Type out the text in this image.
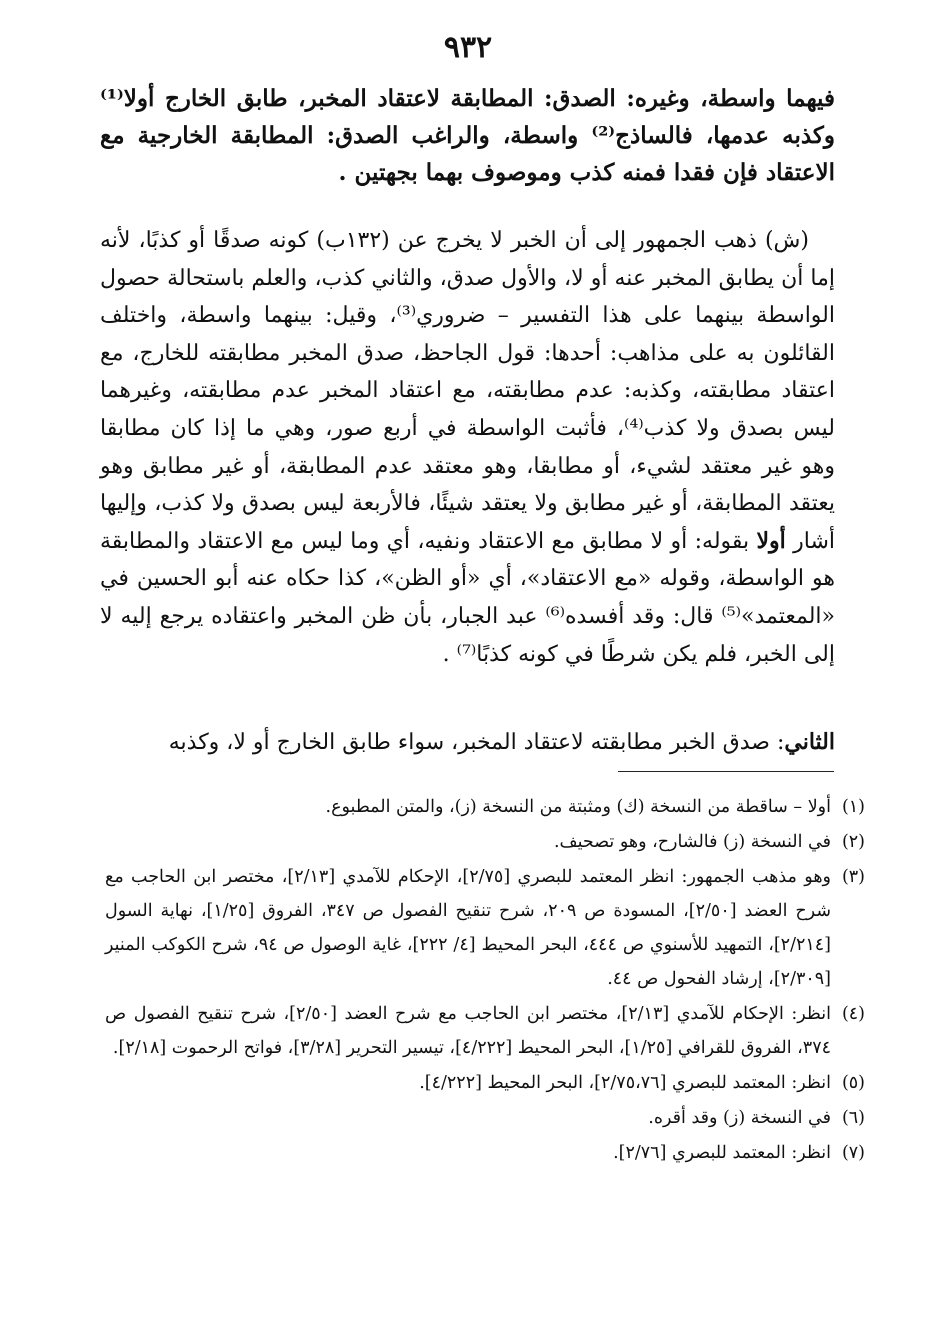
٩٣٢

فيهما واسطة، وغيره: الصدق: المطابقة لاعتقاد المخبر، طابق الخارج أولا⁽¹⁾ وكذبه عدمها، فالساذج⁽²⁾ واسطة، والراغب الصدق: المطابقة الخارجية مع الاعتقاد فإن فقدا فمنه كذب وموصوف بهما بجهتين .

(ش) ذهب الجمهور إلى أن الخبر لا يخرج عن (١٣٢ب) كونه صدقًا أو كذبًا، لأنه إما أن يطابق المخبر عنه أو لا، والأول صدق، والثاني كذب، والعلم باستحالة حصول الواسطة بينهما على هذا التفسير – ضروري⁽³⁾، وقيل: بينهما واسطة، واختلف القائلون به على مذاهب: أحدها: قول الجاحظ، صدق المخبر مطابقته للخارج، مع اعتقاد مطابقته، وكذبه: عدم مطابقته، مع اعتقاد المخبر عدم مطابقته، وغيرهما ليس بصدق ولا كذب⁽⁴⁾، فأثبت الواسطة في أربع صور، وهي ما إذا كان مطابقا وهو غير معتقد لشيء، أو مطابقا، وهو معتقد عدم المطابقة، أو غير مطابق وهو يعتقد المطابقة، أو غير مطابق ولا يعتقد شيئًا، فالأربعة ليس بصدق ولا كذب، وإليها أشار أولا بقوله: أو لا مطابق مع الاعتقاد ونفيه، أي وما ليس مع الاعتقاد والمطابقة هو الواسطة، وقوله «مع الاعتقاد»، أي «أو الظن»، كذا حكاه عنه أبو الحسين في «المعتمد»⁽⁵⁾ قال: وقد أفسده⁽⁶⁾ عبد الجبار، بأن ظن المخبر واعتقاده يرجع إليه لا إلى الخبر، فلم يكن شرطًا في كونه كذبًا⁽⁷⁾ .

الثاني: صدق الخبر مطابقته لاعتقاد المخبر، سواء طابق الخارج أو لا، وكذبه

(١)
أولا – ساقطة من النسخة (ك) ومثبتة من النسخة (ز)، والمتن المطبوع.
(٢)
في النسخة (ز) فالشارح، وهو تصحيف.
(٣)
وهو مذهب الجمهور: انظر المعتمد للبصري [٢/٧٥]، الإحكام للآمدي [٢/١٣]، مختصر ابن الحاجب مع شرح العضد [٢/٥٠]، المسودة ص ٢٠٩، شرح تنقيح الفصول ص ٣٤٧، الفروق [١/٢٥]، نهاية السول [٢/٢١٤]، التمهيد للأسنوي ص ٤٤٤، البحر المحيط [٤/ ٢٢٢]، غاية الوصول ص ٩٤، شرح الكوكب المنير [٢/٣٠٩]، إرشاد الفحول ص ٤٤.
(٤)
انظر: الإحكام للآمدي [٢/١٣]، مختصر ابن الحاجب مع شرح العضد [٢/٥٠]، شرح تنقيح الفصول ص ٣٧٤، الفروق للقرافي [١/٢٥]، البحر المحيط [٤/٢٢٢]، تيسير التحرير [٣/٢٨]، فواتح الرحموت [٢/١٨].
(٥)
انظر: المعتمد للبصري [٢/٧٥،٧٦]، البحر المحيط [٤/٢٢٢].
(٦)
في النسخة (ز) وقد أقره.
(٧)
انظر: المعتمد للبصري [٢/٧٦].
